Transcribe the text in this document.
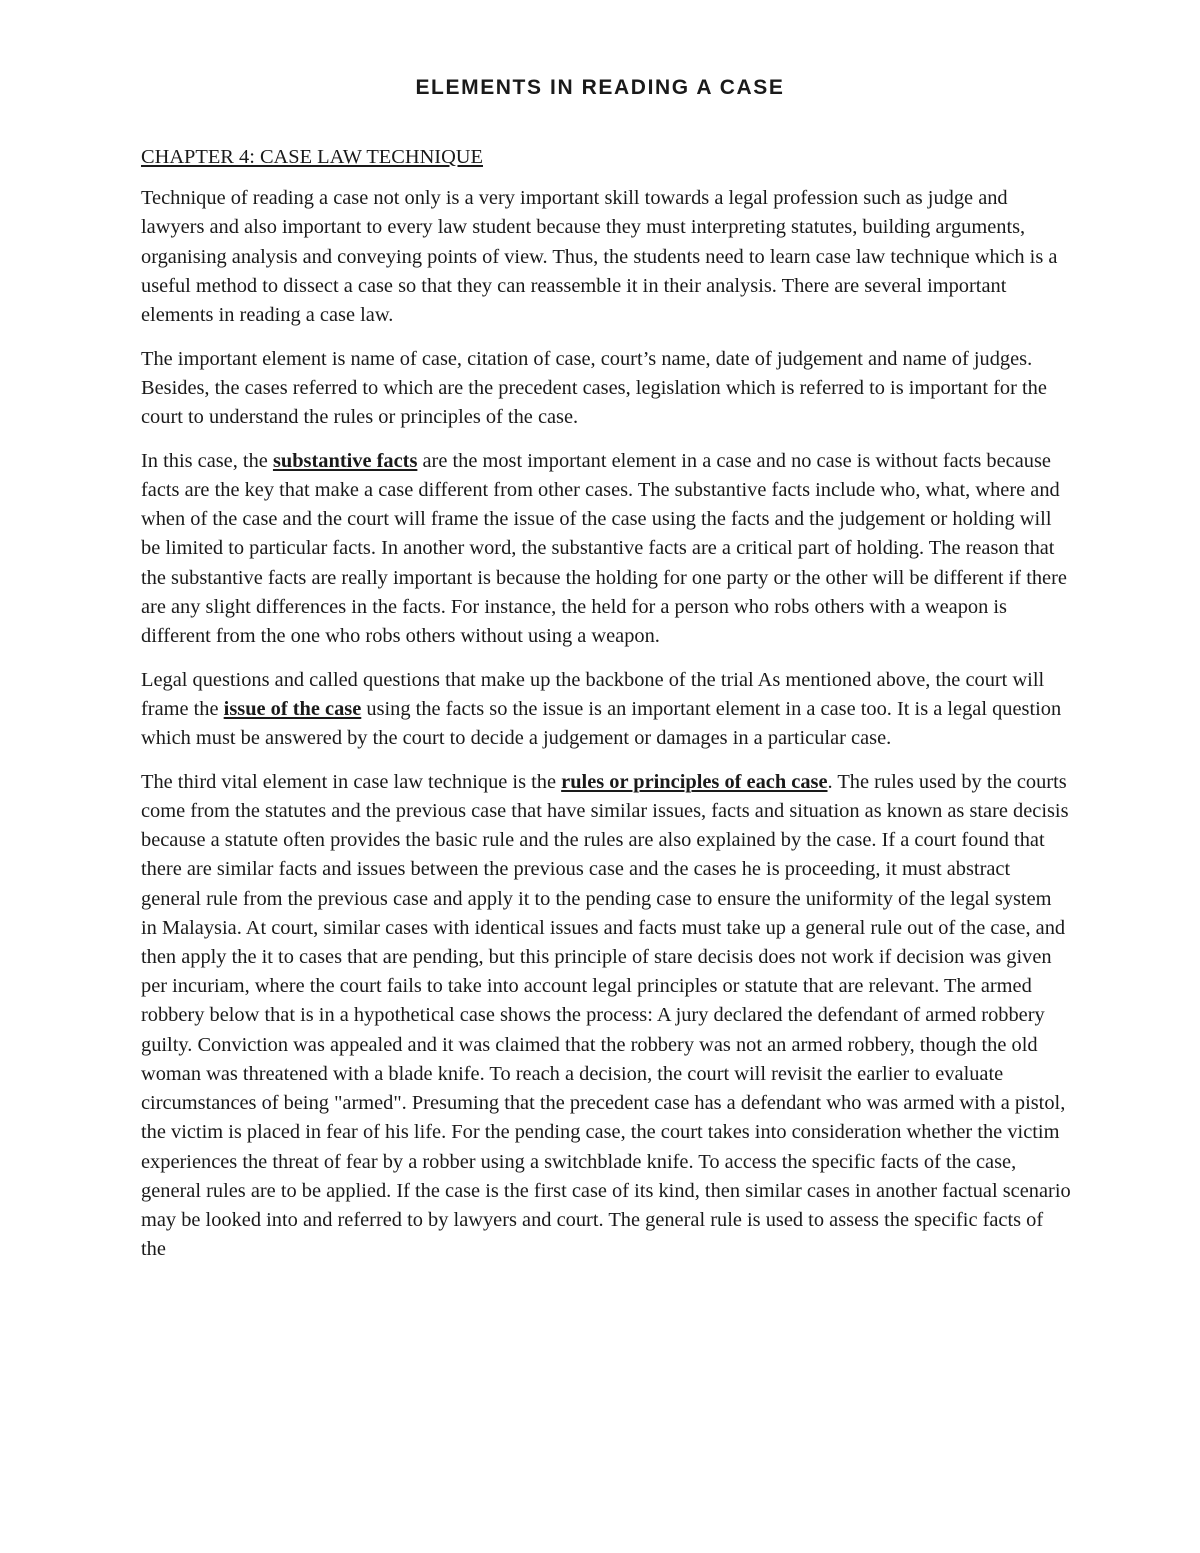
ELEMENTS IN READING A CASE
CHAPTER 4: CASE LAW TECHNIQUE

Technique of reading a case not only is a very important skill towards a legal profession such as judge and lawyers and also important to every law student because they must interpreting statutes, building arguments, organising analysis and conveying points of view. Thus, the students need to learn case law technique which is a useful method to dissect a case so that they can reassemble it in their analysis. There are several important elements in reading a case law.

The important element is name of case, citation of case, court’s name, date of judgement and name of judges. Besides, the cases referred to which are the precedent cases, legislation which is referred to is important for the court to understand the rules or principles of the case.

In this case, the substantive facts are the most important element in a case and no case is without facts because facts are the key that make a case different from other cases. The substantive facts include who, what, where and when of the case and the court will frame the issue of the case using the facts and the judgement or holding will be limited to particular facts. In another word, the substantive facts are a critical part of holding. The reason that the substantive facts are really important is because the holding for one party or the other will be different if there are any slight differences in the facts. For instance, the held for a person who robs others with a weapon is different from the one who robs others without using a weapon.

Legal questions and called questions that make up the backbone of the trial As mentioned above, the court will frame the issue of the case using the facts so the issue is an important element in a case too. It is a legal question which must be answered by the court to decide a judgement or damages in a particular case.

The third vital element in case law technique is the rules or principles of each case. The rules used by the courts come from the statutes and the previous case that have similar issues, facts and situation as known as stare decisis because a statute often provides the basic rule and the rules are also explained by the case. If a court found that there are similar facts and issues between the previous case and the cases he is proceeding, it must abstract general rule from the previous case and apply it to the pending case to ensure the uniformity of the legal system in Malaysia. At court, similar cases with identical issues and facts must take up a general rule out of the case, and then apply the it to cases that are pending, but this principle of stare decisis does not work if decision was given per incuriam, where the court fails to take into account legal principles or statute that are relevant. The armed robbery below that is in a hypothetical case shows the process: A jury declared the defendant of armed robbery guilty. Conviction was appealed and it was claimed that the robbery was not an armed robbery, though the old woman was threatened with a blade knife. To reach a decision, the court will revisit the earlier to evaluate circumstances of being "armed". Presuming that the precedent case has a defendant who was armed with a pistol, the victim is placed in fear of his life. For the pending case, the court takes into consideration whether the victim experiences the threat of fear by a robber using a switchblade knife. To access the specific facts of the case, general rules are to be applied. If the case is the first case of its kind, then similar cases in another factual scenario may be looked into and referred to by lawyers and court. The general rule is used to assess the specific facts of the
